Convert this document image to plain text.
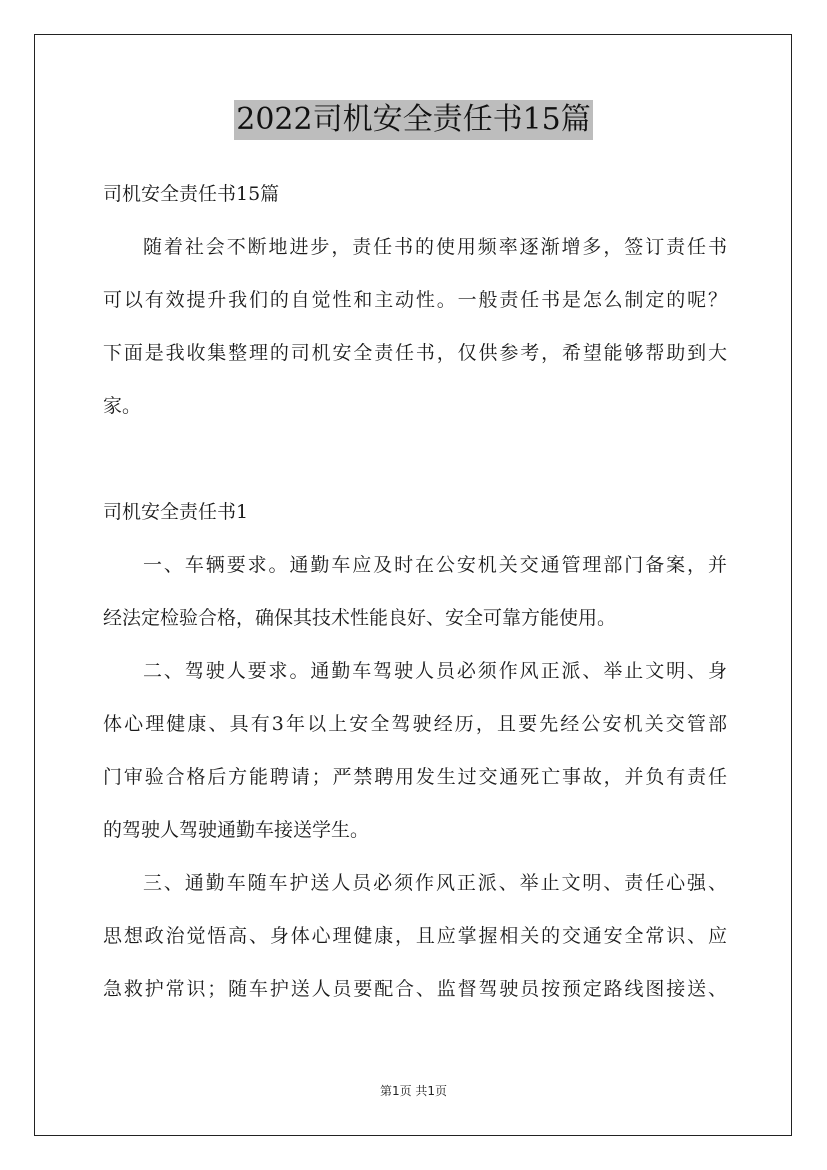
2022司机安全责任书15篇
司机安全责任书15篇
随着社会不断地进步，责任书的使用频率逐渐增多，签订责任书
可以有效提升我们的自觉性和主动性。一般责任书是怎么制定的呢？
下面是我收集整理的司机安全责任书，仅供参考，希望能够帮助到大
家。
司机安全责任书1
一、车辆要求。通勤车应及时在公安机关交通管理部门备案，并
经法定检验合格，确保其技术性能良好、安全可靠方能使用。
二、驾驶人要求。通勤车驾驶人员必须作风正派、举止文明、身
体心理健康、具有3年以上安全驾驶经历，且要先经公安机关交管部
门审验合格后方能聘请；严禁聘用发生过交通死亡事故，并负有责任
的驾驶人驾驶通勤车接送学生。
三、通勤车随车护送人员必须作风正派、举止文明、责任心强、
思想政治觉悟高、身体心理健康，且应掌握相关的交通安全常识、应
急救护常识；随车护送人员要配合、监督驾驶员按预定路线图接送、
第1页 共1页
